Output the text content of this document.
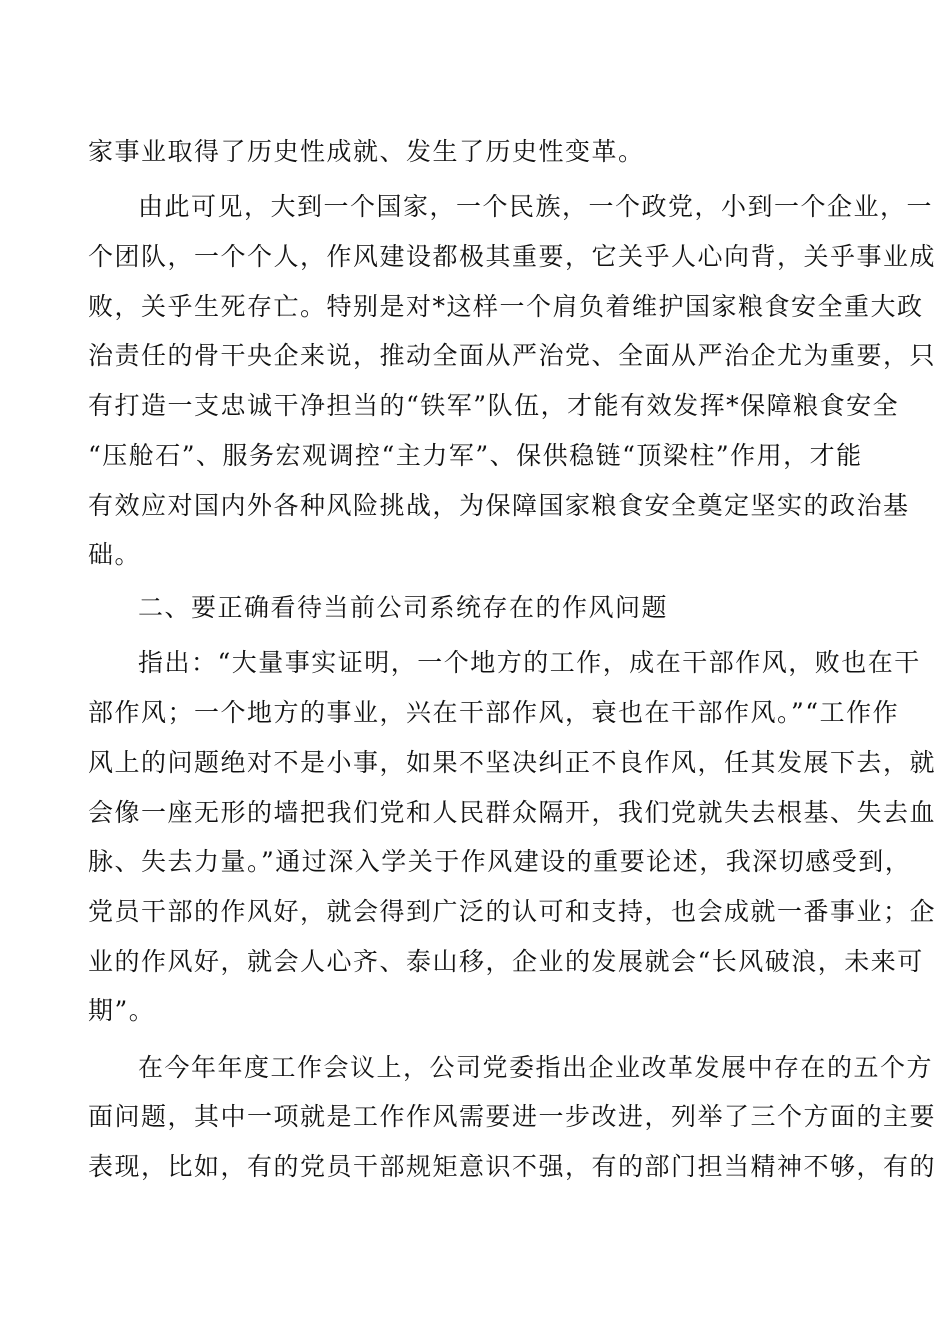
家事业取得了历史性成就、发生了历史性变革。
由此可见，大到一个国家，一个民族，一个政党，小到一个企业，一
个团队，一个个人，作风建设都极其重要，它关乎人心向背，关乎事业成
败，关乎生死存亡。特别是对*这样一个肩负着维护国家粮食安全重大政
治责任的骨干央企来说，推动全面从严治党、全面从严治企尤为重要，只
有打造一支忠诚干净担当的“铁军”队伍，才能有效发挥*保障粮食安全
“压舱石”、服务宏观调控“主力军”、保供稳链“顶梁柱”作用，才能
有效应对国内外各种风险挑战，为保障国家粮食安全奠定坚实的政治基
础。
二、要正确看待当前公司系统存在的作风问题
指出：“大量事实证明，一个地方的工作，成在干部作风，败也在干
部作风；一个地方的事业，兴在干部作风，衰也在干部作风。”“工作作
风上的问题绝对不是小事，如果不坚决纠正不良作风，任其发展下去，就
会像一座无形的墙把我们党和人民群众隔开，我们党就失去根基、失去血
脉、失去力量。”通过深入学关于作风建设的重要论述，我深切感受到，
党员干部的作风好，就会得到广泛的认可和支持，也会成就一番事业；企
业的作风好，就会人心齐、泰山移，企业的发展就会“长风破浪，未来可
期”。
在今年年度工作会议上，公司党委指出企业改革发展中存在的五个方
面问题，其中一项就是工作作风需要进一步改进，列举了三个方面的主要
表现，比如，有的党员干部规矩意识不强，有的部门担当精神不够，有的
